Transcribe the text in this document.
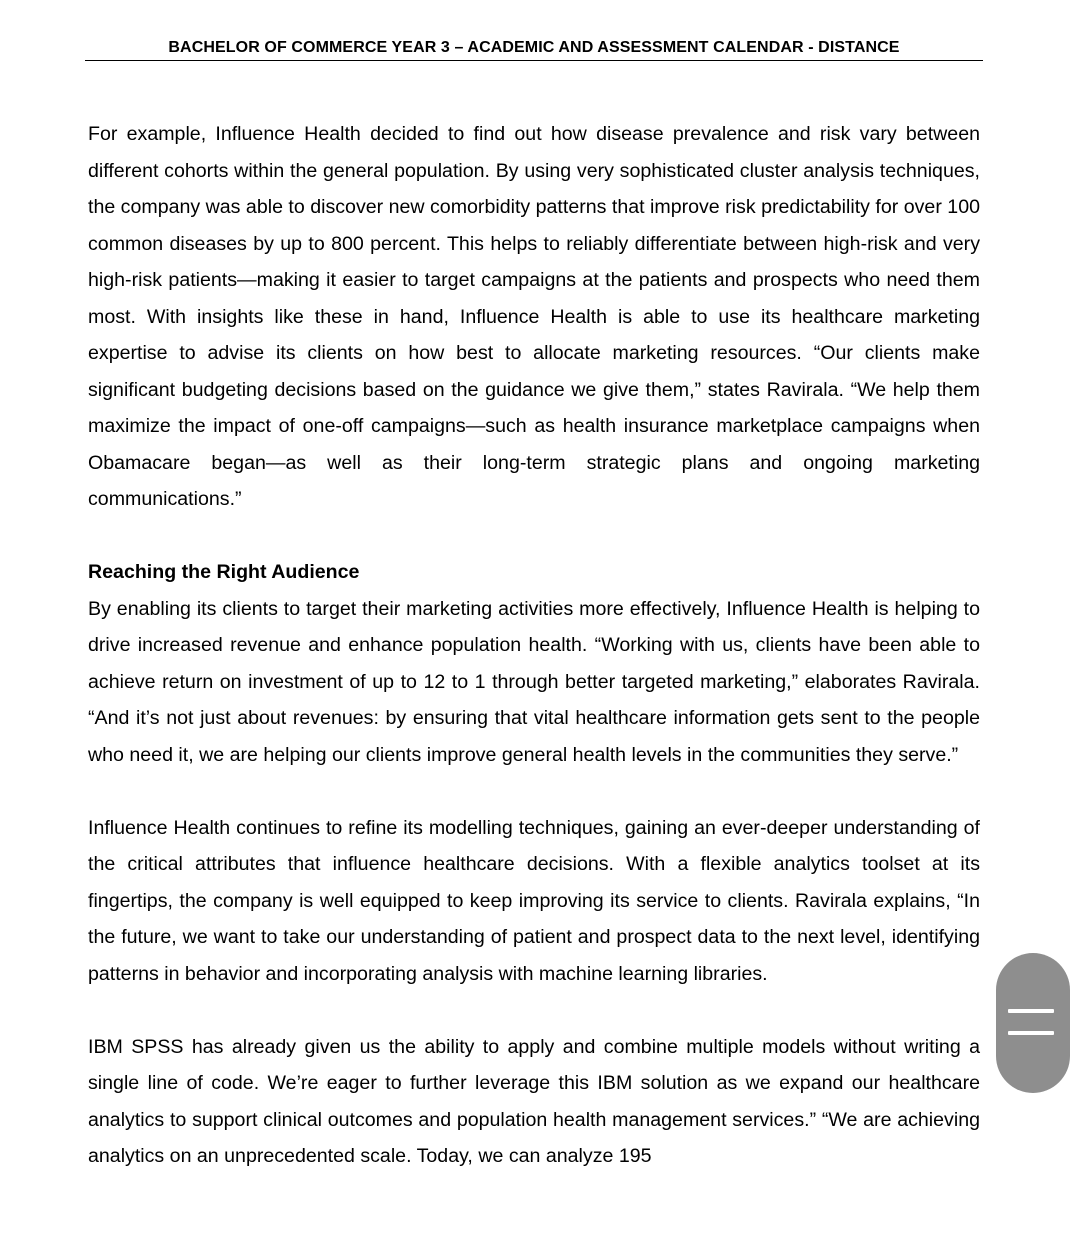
BACHELOR OF COMMERCE YEAR 3 – ACADEMIC AND ASSESSMENT CALENDAR - DISTANCE

For example, Influence Health decided to find out how disease prevalence and risk vary between different cohorts within the general population. By using very sophisticated cluster analysis techniques, the company was able to discover new comorbidity patterns that improve risk predictability for over 100 common diseases by up to 800 percent. This helps to reliably differentiate between high-risk and very high-risk patients—making it easier to target campaigns at the patients and prospects who need them most. With insights like these in hand, Influence Health is able to use its healthcare marketing expertise to advise its clients on how best to allocate marketing resources. “Our clients make significant budgeting decisions based on the guidance we give them,” states Ravirala. “We help them maximize the impact of one-off campaigns—such as health insurance marketplace campaigns when Obamacare began—as well as their long-term strategic plans and ongoing marketing communications.”

Reaching the Right Audience

By enabling its clients to target their marketing activities more effectively, Influence Health is helping to drive increased revenue and enhance population health. “Working with us, clients have been able to achieve return on investment of up to 12 to 1 through better targeted marketing,” elaborates Ravirala. “And it’s not just about revenues: by ensuring that vital healthcare information gets sent to the people who need it, we are helping our clients improve general health levels in the communities they serve.”

Influence Health continues to refine its modelling techniques, gaining an ever-deeper understanding of the critical attributes that influence healthcare decisions. With a flexible analytics toolset at its fingertips, the company is well equipped to keep improving its service to clients. Ravirala explains, “In the future, we want to take our understanding of patient and prospect data to the next level, identifying patterns in behavior and incorporating analysis with machine learning libraries.

IBM SPSS has already given us the ability to apply and combine multiple models without writing a single line of code. We’re eager to further leverage this IBM solution as we expand our healthcare analytics to support clinical outcomes and population health management services.” “We are achieving analytics on an unprecedented scale. Today, we can analyze 195
